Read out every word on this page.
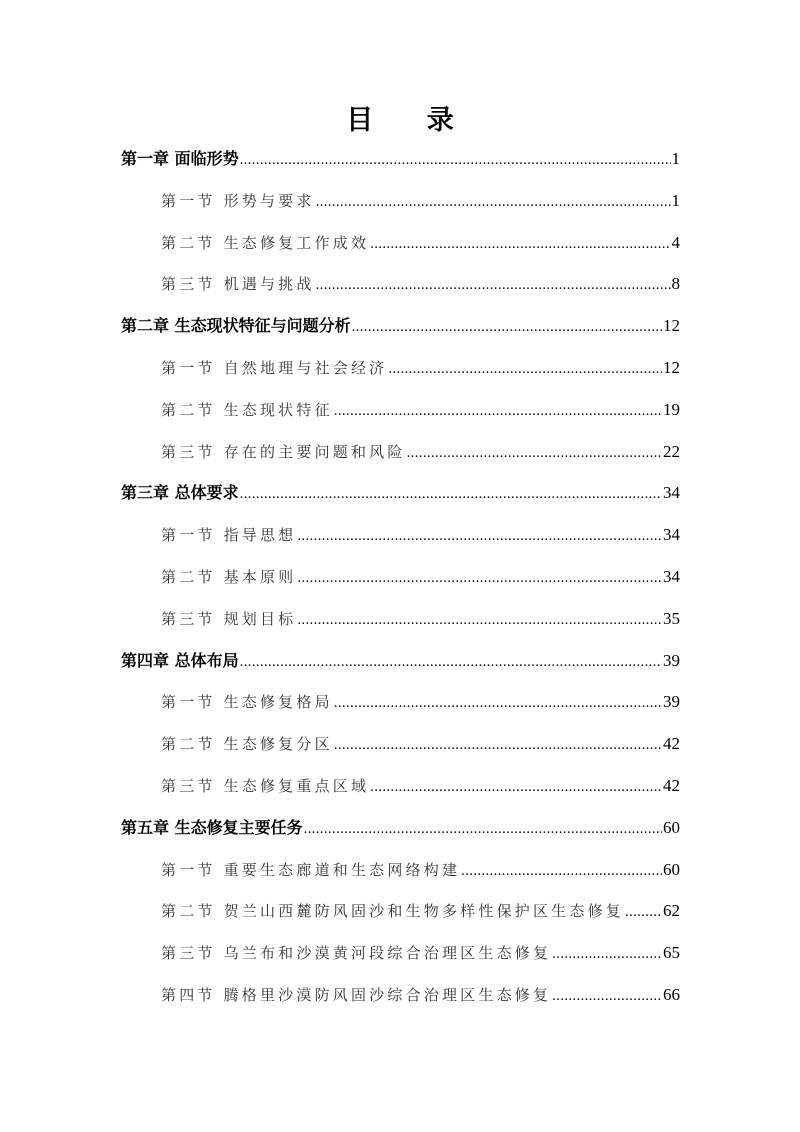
目 录
第一章 面临形势 .....	1
第一节 形势与要求 .....	1
第二节 生态修复工作成效 .....	4
第三节 机遇与挑战 .....	8
第二章 生态现状特征与问题分析 .....	12
第一节 自然地理与社会经济 .....	12
第二节 生态现状特征 .....	19
第三节 存在的主要问题和风险 .....	22
第三章 总体要求 .....	34
第一节 指导思想 .....	34
第二节 基本原则 .....	34
第三节 规划目标 .....	35
第四章 总体布局 .....	39
第一节 生态修复格局 .....	39
第二节 生态修复分区 .....	42
第三节 生态修复重点区域 .....	42
第五章 生态修复主要任务 .....	60
第一节 重要生态廊道和生态网络构建 .....	60
第二节 贺兰山西麓防风固沙和生物多样性保护区生态修复 ..... 62
第三节 乌兰布和沙漠黄河段综合治理区生态修复 .....	65
第四节 腾格里沙漠防风固沙综合治理区生态修复 .....	66
